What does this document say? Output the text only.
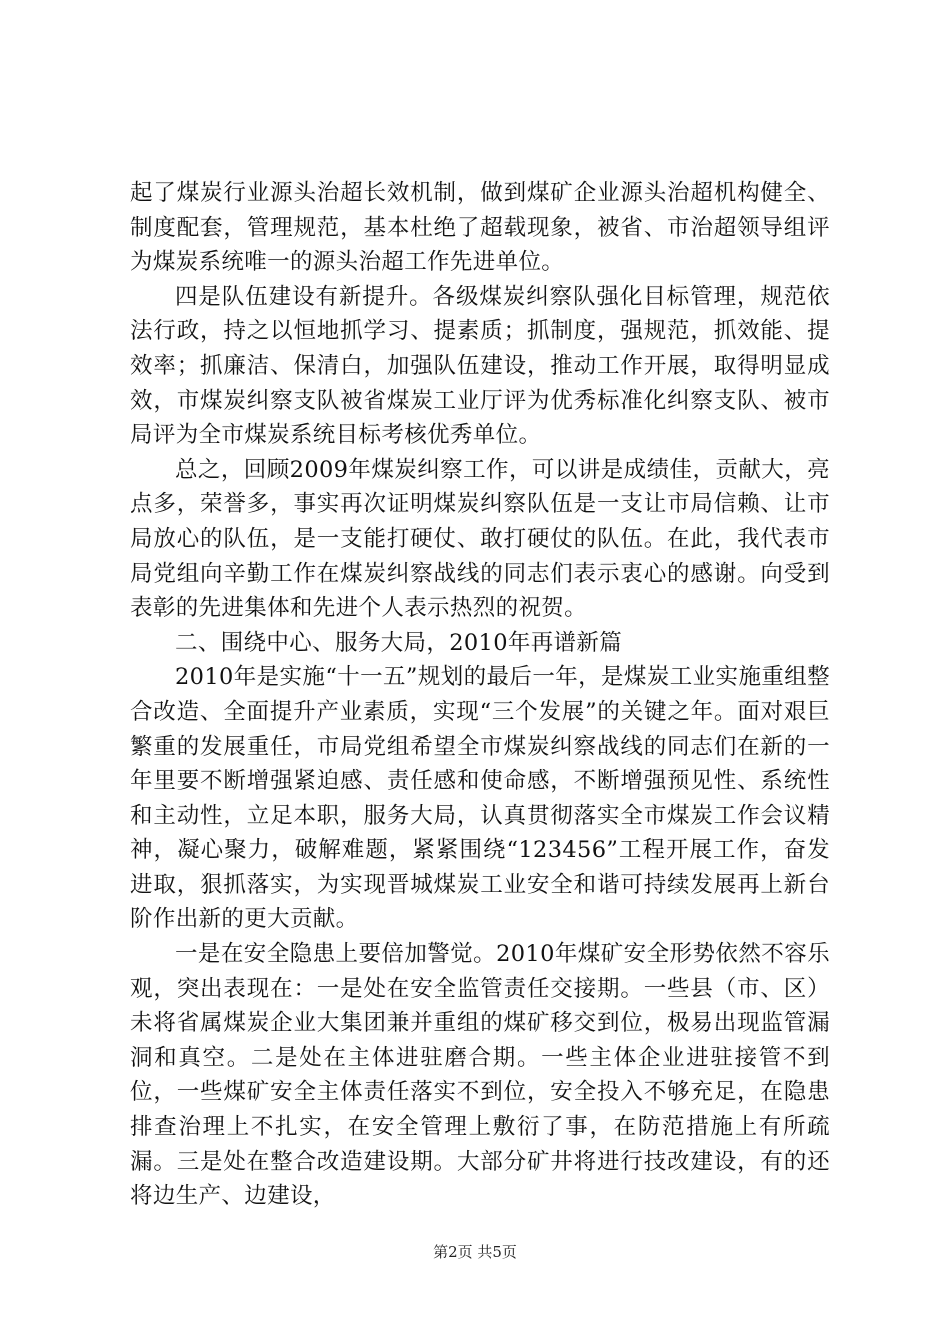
起了煤炭行业源头治超长效机制，做到煤矿企业源头治超机构健全、制度配套，管理规范，基本杜绝了超载现象，被省、市治超领导组评为煤炭系统唯一的源头治超工作先进单位。

四是队伍建设有新提升。各级煤炭纠察队强化目标管理，规范依法行政，持之以恒地抓学习、提素质；抓制度，强规范，抓效能、提效率；抓廉洁、保清白，加强队伍建设，推动工作开展，取得明显成效，市煤炭纠察支队被省煤炭工业厅评为优秀标准化纠察支队、被市局评为全市煤炭系统目标考核优秀单位。

总之，回顾2009年煤炭纠察工作，可以讲是成绩佳，贡献大，亮点多，荣誉多，事实再次证明煤炭纠察队伍是一支让市局信赖、让市局放心的队伍，是一支能打硬仗、敢打硬仗的队伍。在此，我代表市局党组向辛勤工作在煤炭纠察战线的同志们表示衷心的感谢。向受到表彰的先进集体和先进个人表示热烈的祝贺。

二、围绕中心、服务大局，2010年再谱新篇

2010年是实施“十一五”规划的最后一年，是煤炭工业实施重组整合改造、全面提升产业素质，实现“三个发展”的关键之年。面对艰巨繁重的发展重任，市局党组希望全市煤炭纠察战线的同志们在新的一年里要不断增强紧迫感、责任感和使命感，不断增强预见性、系统性和主动性，立足本职，服务大局，认真贯彻落实全市煤炭工作会议精神，凝心聚力，破解难题，紧紧围绕“123456”工程开展工作，奋发进取，狠抓落实，为实现晋城煤炭工业安全和谐可持续发展再上新台阶作出新的更大贡献。

一是在安全隐患上要倍加警觉。2010年煤矿安全形势依然不容乐观，突出表现在：一是处在安全监管责任交接期。一些县（市、区）未将省属煤炭企业大集团兼并重组的煤矿移交到位，极易出现监管漏洞和真空。二是处在主体进驻磨合期。一些主体企业进驻接管不到位，一些煤矿安全主体责任落实不到位，安全投入不够充足，在隐患排查治理上不扎实，在安全管理上敷衍了事，在防范措施上有所疏漏。三是处在整合改造建设期。大部分矿井将进行技改建设，有的还将边生产、边建设，

第2页 共5页
